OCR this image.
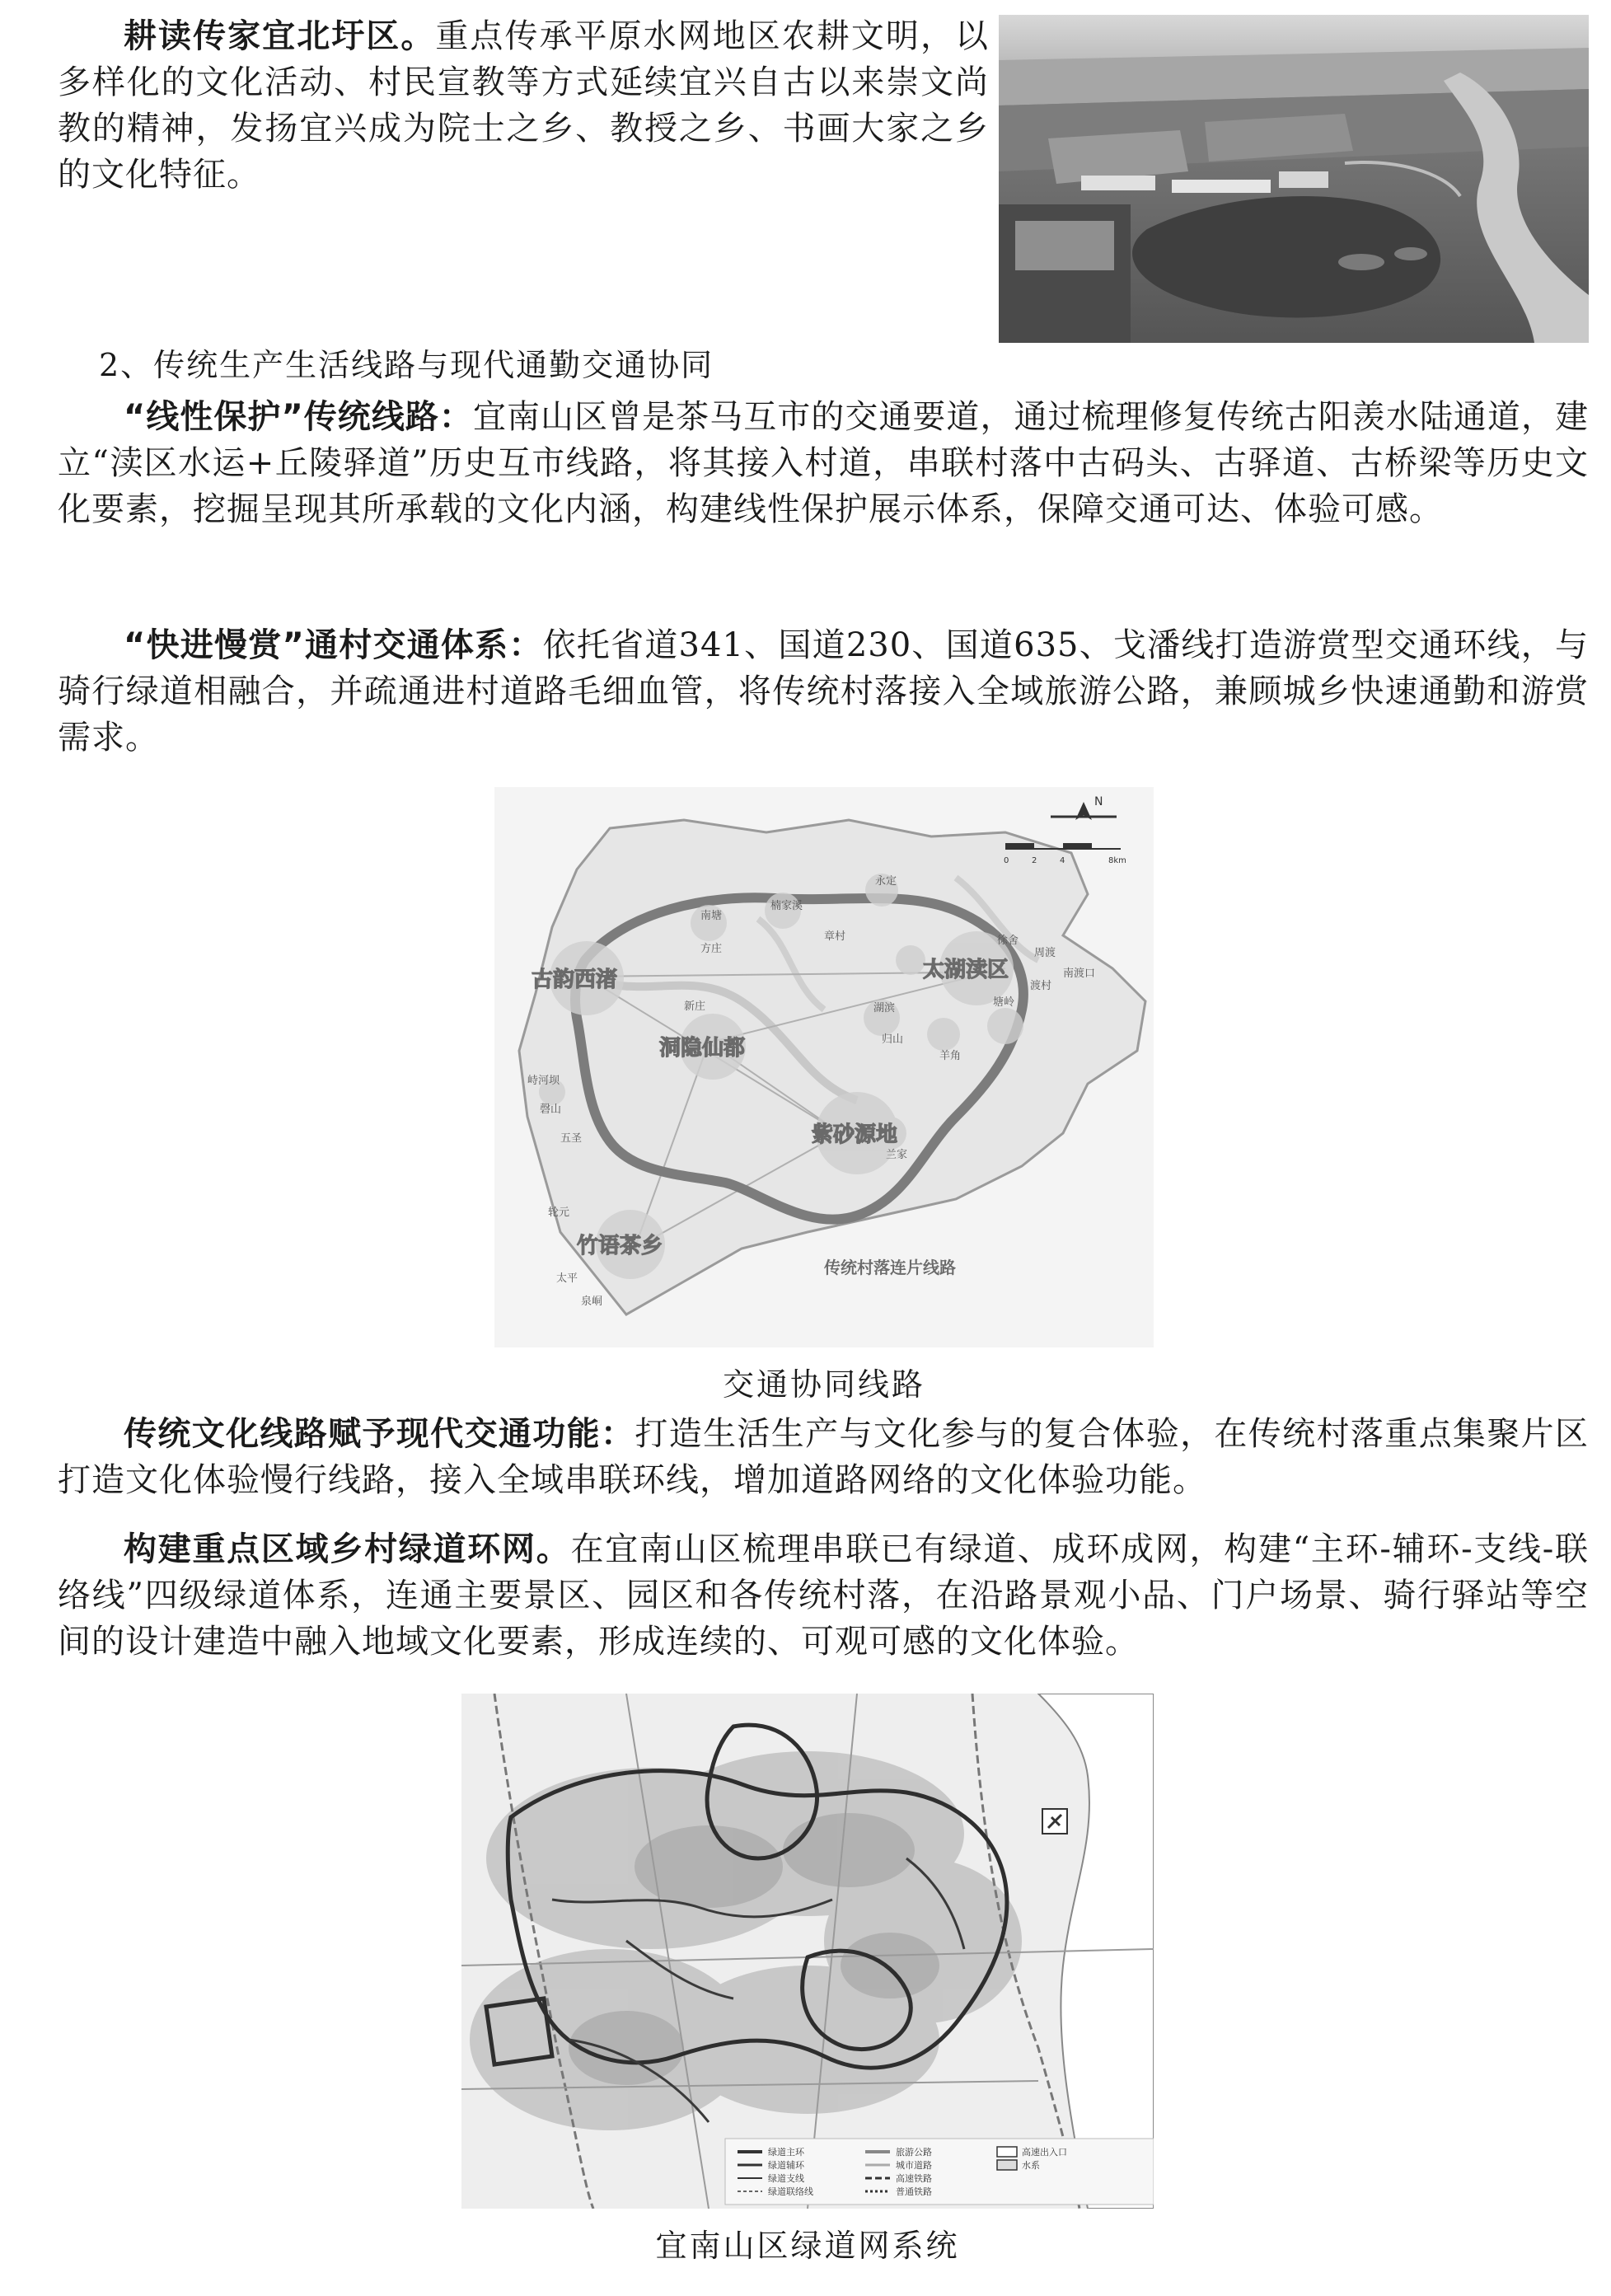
耕读传家宜北圩区。重点传承平原水网地区农耕文明，以多样化的文化活动、村民宣教等方式延续宜兴自古以来崇文尚教的精神，发扬宜兴成为院士之乡、教授之乡、书画大家之乡的文化特征。

2、传统生产生活线路与现代通勤交通协同

“线性保护”传统线路：宜南山区曾是茶马互市的交通要道，通过梳理修复传统古阳羡水陆通道，建立“渎区水运+丘陵驿道”历史互市线路，将其接入村道，串联村落中古码头、古驿道、古桥梁等历史文化要素，挖掘呈现其所承载的文化内涵，构建线性保护展示体系，保障交通可达、体验可感。

“快进慢赏”通村交通体系：依托省道341、国道230、国道635、戈潘线打造游赏型交通环线，与骑行绿道相融合，并疏通进村道路毛细血管，将传统村落接入全域旅游公路，兼顾城乡快速通勤和游赏需求。

古韵西渚	太湖渎区
洞隐仙都
紫砂源地
竹语茶乡
传统村落连片线路
南塘
楠家溪
方庄
章村
永定
徐舍
周渡
渡村
塘岭
磬山
峙河坝
五圣
轮元
太平
泉峒
归山
羊角
兰家
湖滨
南渡口
新庄
N
0	2	4	8km

交通协同线路

传统文化线路赋予现代交通功能：打造生活生产与文化参与的复合体验，在传统村落重点集聚片区打造文化体验慢行线路，接入全域串联环线，增加道路网络的文化体验功能。

构建重点区域乡村绿道环网。在宜南山区梳理串联已有绿道、成环成网，构建“主环-辅环-支线-联络线”四级绿道体系，连通主要景区、园区和各传统村落，在沿路景观小品、门户场景、骑行驿站等空间的设计建造中融入地域文化要素，形成连续的、可观可感的文化体验。

绿道主环
绿道辅环
绿道支线
绿道联络线
旅游公路
城市道路
高速铁路
普通铁路
高速出入口
水系

宜南山区绿道网系统
